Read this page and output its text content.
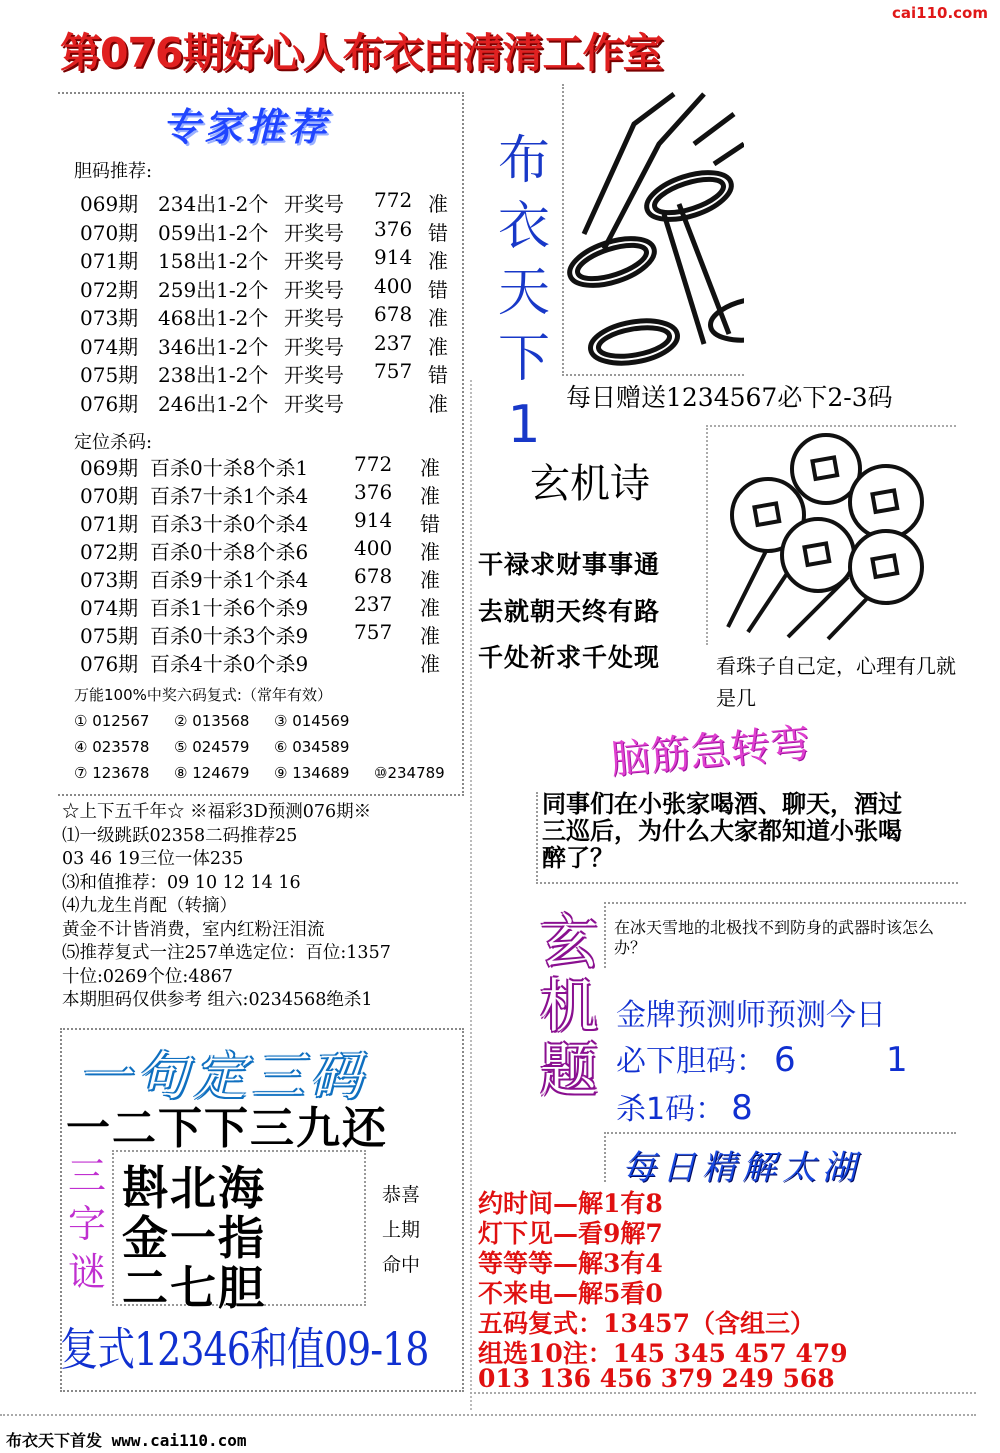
cai110.com
第076期好心人布衣由清清工作室
专家推荐
胆码推荐:
069期 234出1-2个 开奖号 772 准
070期 059出1-2个 开奖号 376 错
071期 158出1-2个 开奖号 914 准
072期 259出1-2个 开奖号 400 错
073期 468出1-2个 开奖号 678 准
074期 346出1-2个 开奖号 237 准
075期 238出1-2个 开奖号 757 错
076期 246出1-2个 开奖号	准
定位杀码:
069期 百杀0十杀8个杀1 772 准
070期 百杀7十杀1个杀4 376 准
071期 百杀3十杀0个杀4 914 错
072期 百杀0十杀8个杀6 400 准
073期 百杀9十杀1个杀4 678 准
074期 百杀1十杀6个杀9 237 准
075期 百杀0十杀3个杀9 757 准
076期 百杀4十杀0个杀9	准
万能100%中奖六码复式:（常年有效）
① 012567 ② 013568 ③ 014569
④ 023578 ⑤ 024579 ⑥ 034589
⑦ 123678 ⑧ 124679 ⑨ 134689 ⑩234789
☆上下五千年☆ ※福彩3D预测076期※
⑴一级跳跃02358二码推荐25
03 46 19三位一体235
⑶和值推荐：09 10 12 14 16
⑷九龙生肖配（转摘）
黄金不计皆消费，室内红粉汪泪流
⑸推荐复式一注257单选定位：百位:1357
十位:0269个位:4867
本期胆码仅供参考 组六:0234568绝杀1
布
衣
天
下
1	每日赠送1234567必下2-3码
玄机诗
干禄求财事事通
去就朝天终有路
千处祈求千处现	看珠子自己定，心理有几就是几
脑筋急转弯
同事们在小张家喝酒、聊天，酒过三巡后，为什么大家都知道小张喝醉了？
玄
机
题
在冰天雪地的北极找不到防身的武器时该怎么办？
金牌预测师预测今日
必下胆码： 6	1
杀1码： 8
每日精解太湖
约时间—解1有8
灯下见—看9解7
等等等—解3有4
不来电—解5看0
五码复式：13457（含组三）
组选10注：145 345 457 479
013 136 456 379 249 568
一句定三码
一二下下三九还
三
字
谜
斟北海
金一指
二七胆
恭喜
上期
命中
复式12346和值09-18
布衣天下首发 www.cai110.com
